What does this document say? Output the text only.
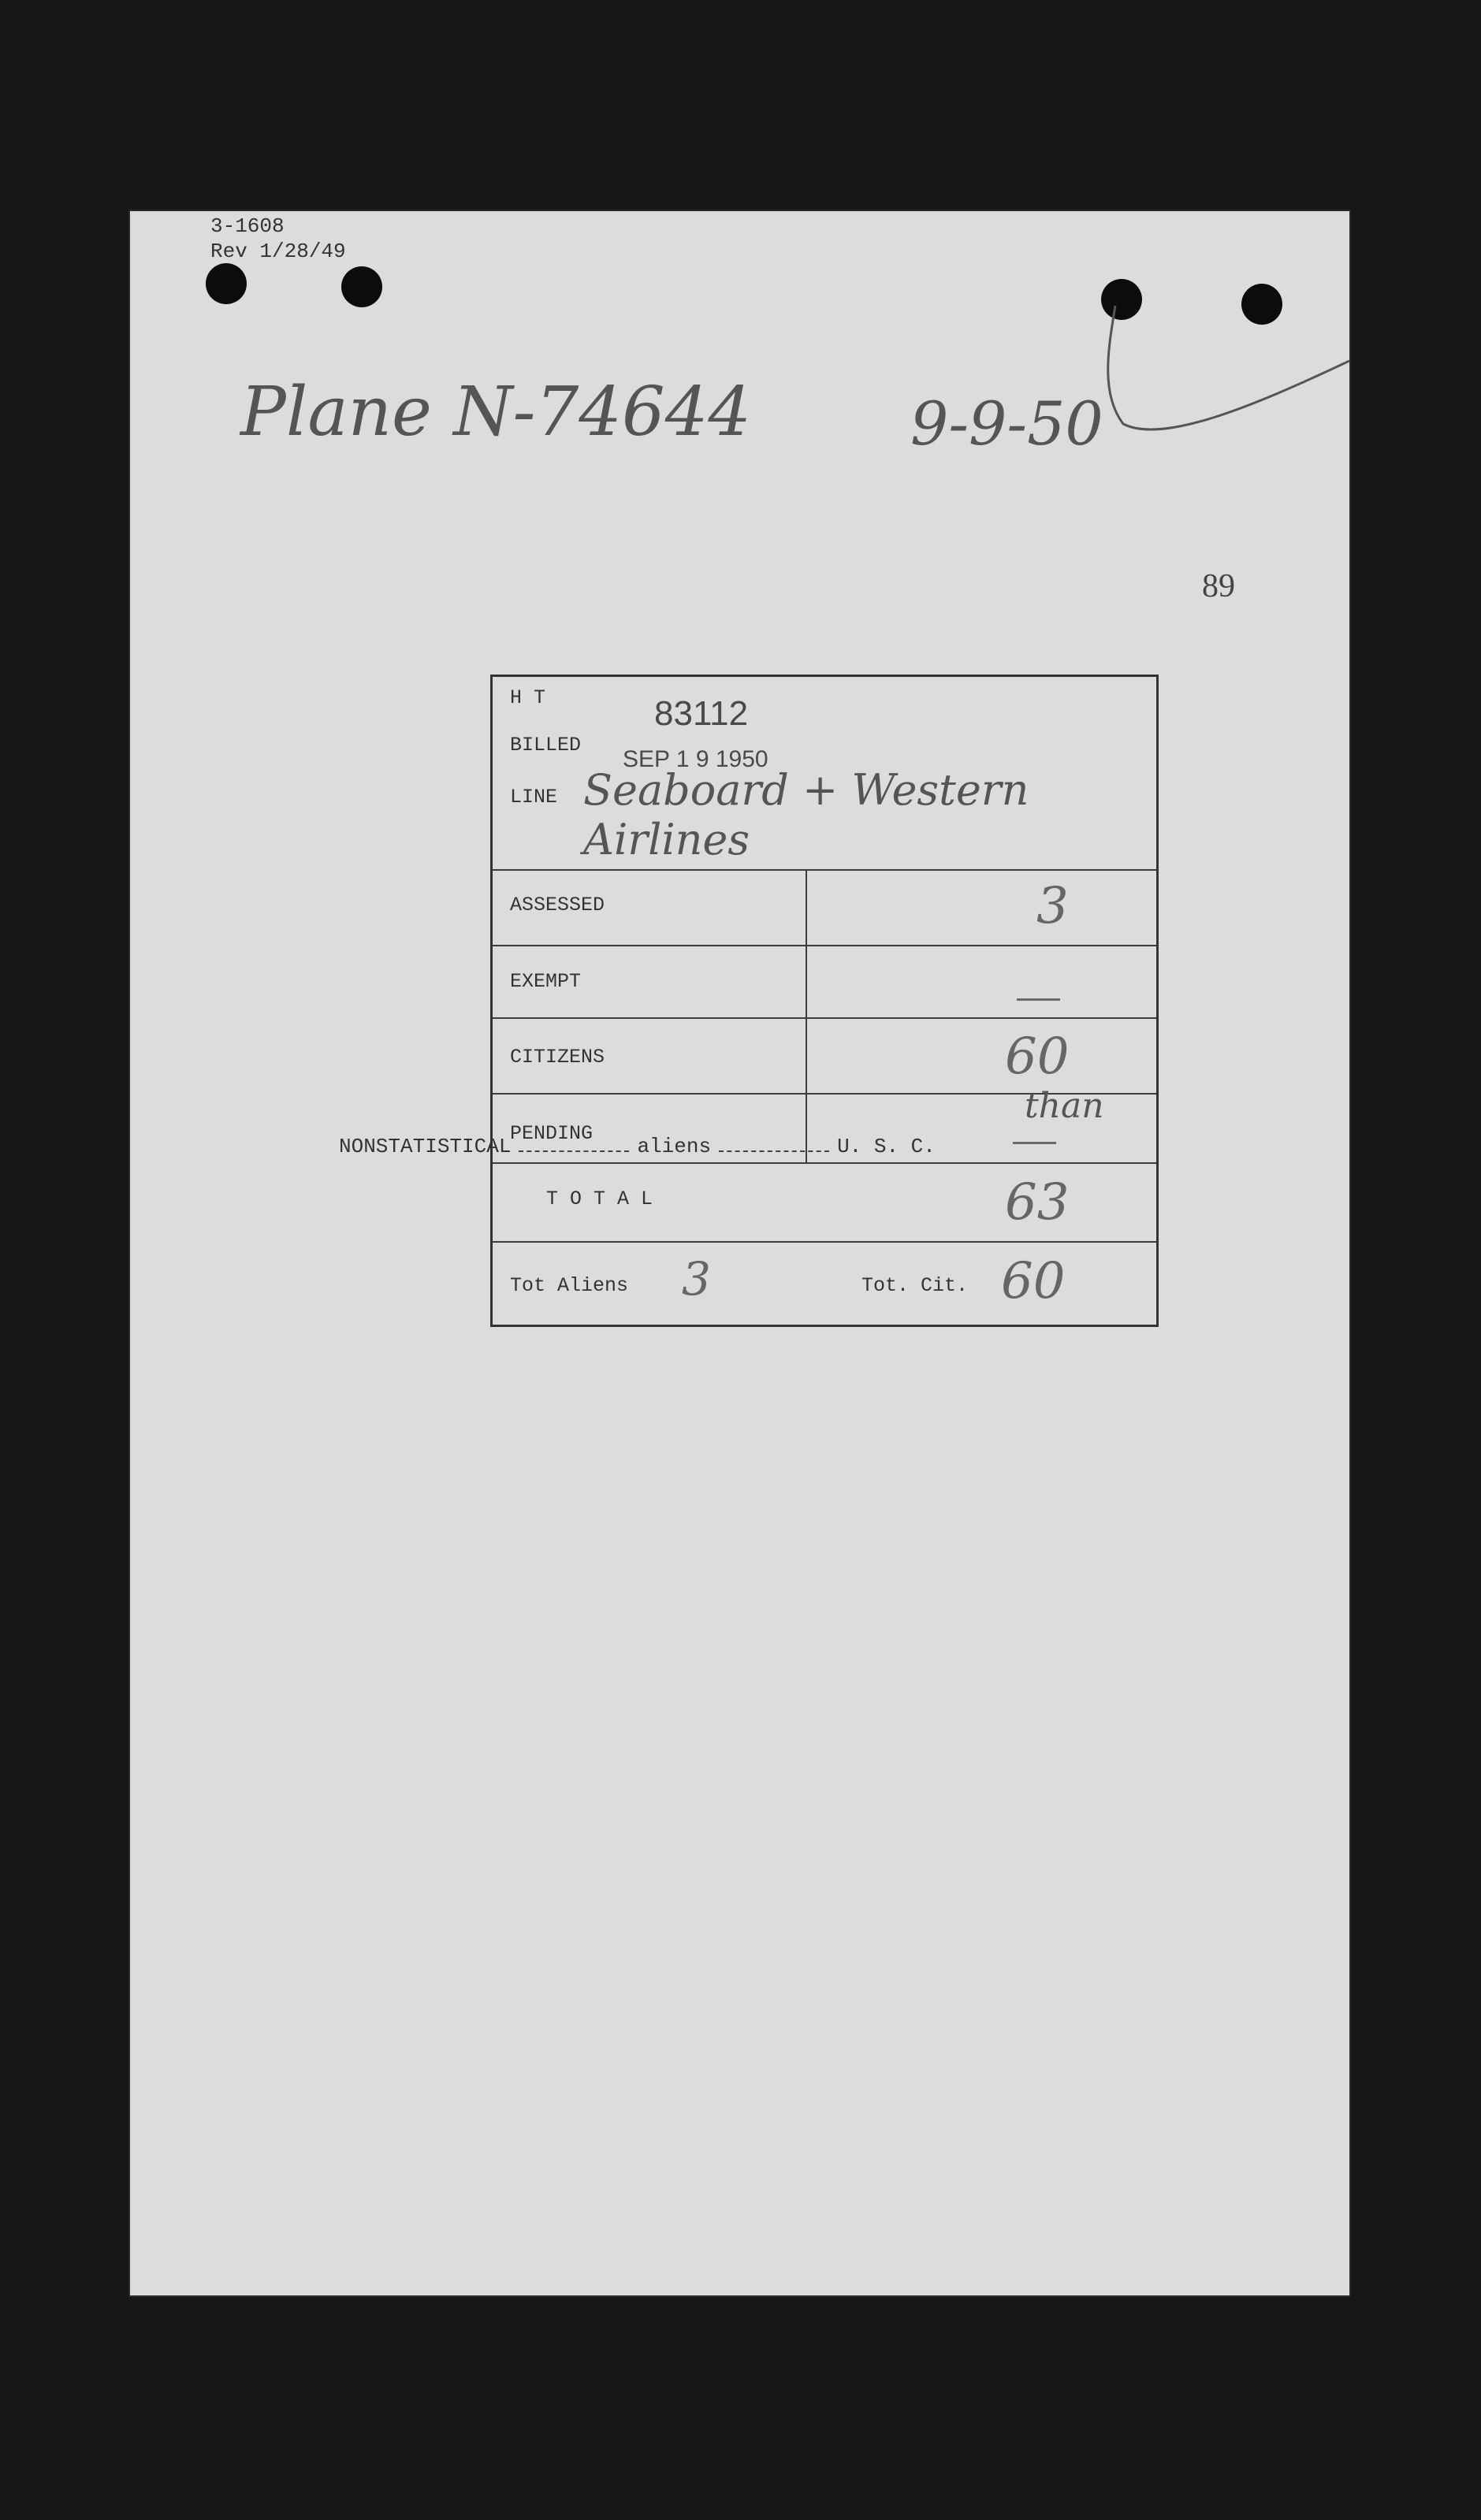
3-1608
Rev 1/28/49
Plane N-74644	9-9-50
89
H T	83112
BILLED
SEP 1 9 1950
LINE Seaboard + Western Airlines
ASSESSED	3
EXEMPT
CITIZENS	60
PENDING
T O T A L	63
Tot Aliens 3	Tot. Cit. 60
than
NONSTATISTICAL	aliens	U. S. C.
